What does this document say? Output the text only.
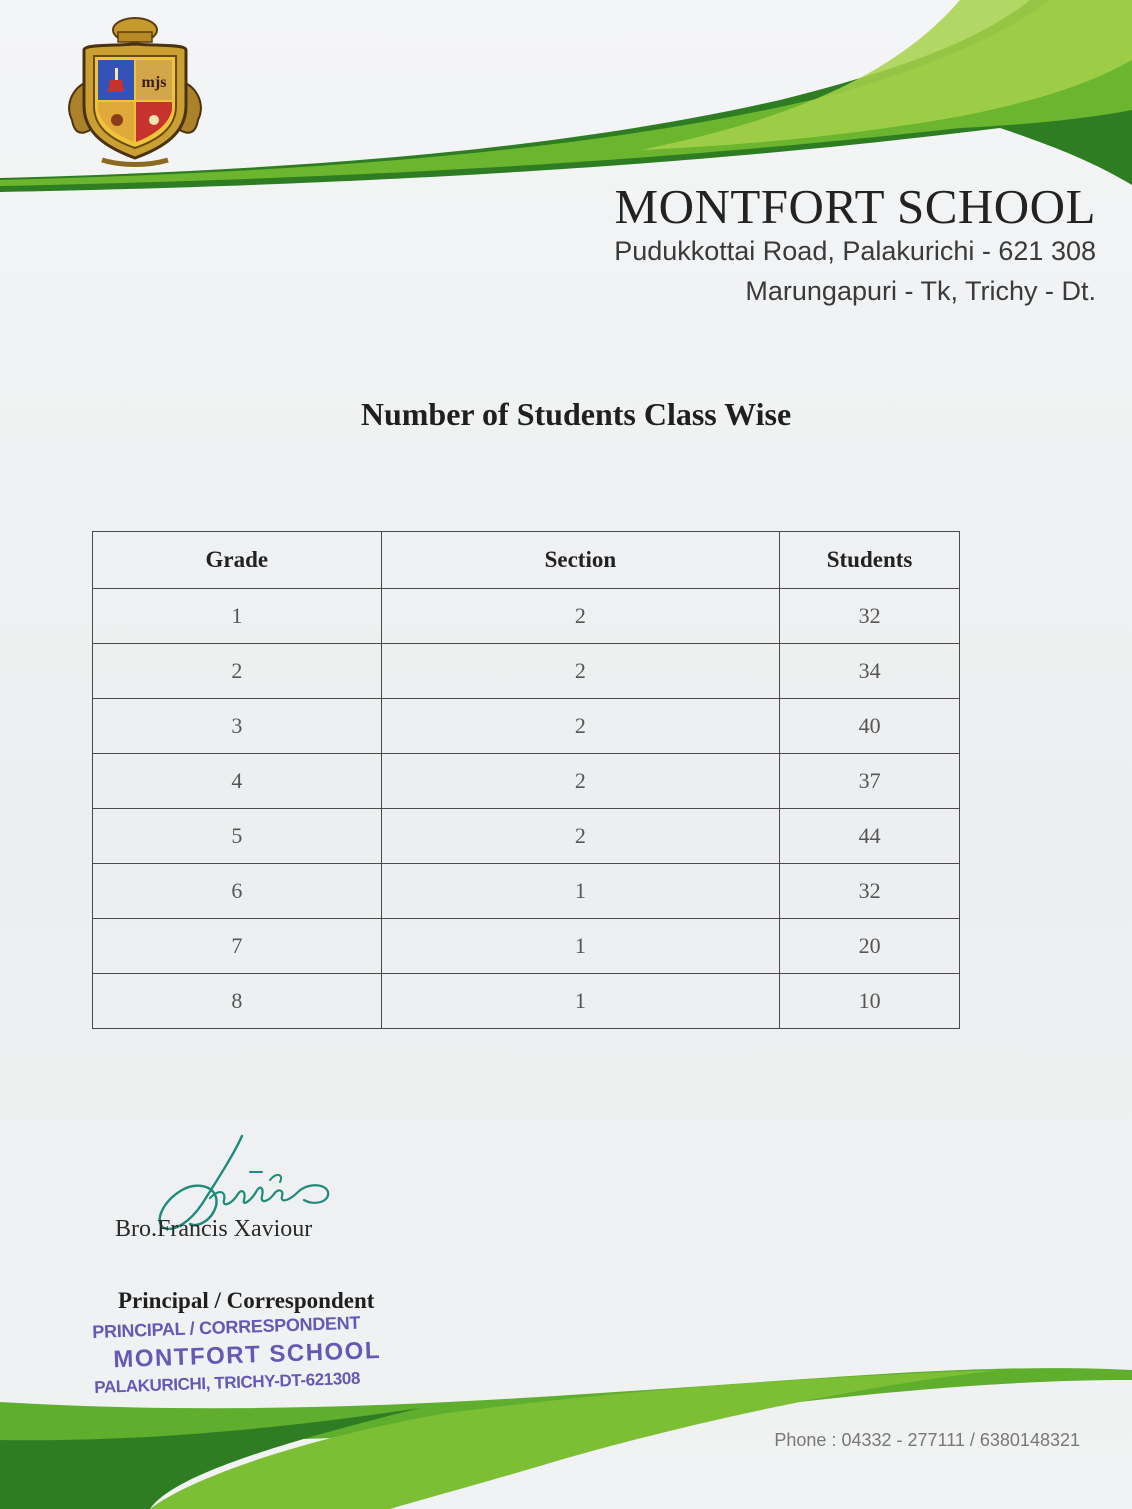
mjs
MONTFORT SCHOOL
Pudukkottai Road, Palakurichi - 621 308
Marungapuri - Tk, Trichy - Dt.
Number of Students Class Wise
Grade	Section	Students
1	2	32
2	2	34
3	2	40
4	2	37
5	2	44
6	1	32
7	1	20
8	1	10
Bro.Francis Xaviour
Principal / Correspondent
PRINCIPAL / CORRESPONDENT
MONTFORT SCHOOL
PALAKURICHI, TRICHY-DT-621308
Phone : 04332 - 277111 / 6380148321
